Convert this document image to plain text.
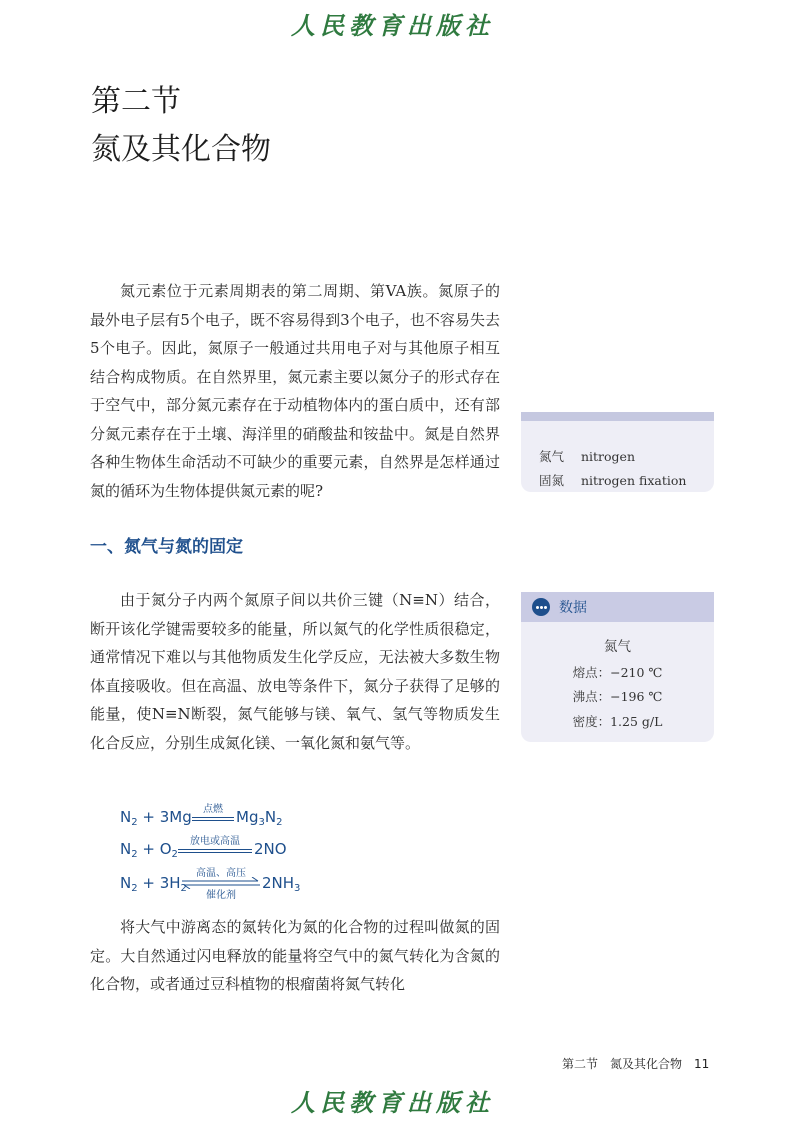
人民教育出版社
第二节
氮及其化合物
氮元素位于元素周期表的第二周期、第VA族。氮原子的最外电子层有5个电子，既不容易得到3个电子，也不容易失去5个电子。因此，氮原子一般通过共用电子对与其他原子相互结合构成物质。在自然界里，氮元素主要以氮分子的形式存在于空气中，部分氮元素存在于动植物体内的蛋白质中，还有部分氮元素存在于土壤、海洋里的硝酸盐和铵盐中。氮是自然界各种生物体生命活动不可缺少的重要元素，自然界是怎样通过氮的循环为生物体提供氮元素的呢?
氮气 nitrogen
固氮 nitrogen fixation
一、氮气与氮的固定
由于氮分子内两个氮原子间以共价三键（N≡N）结合，断开该化学键需要较多的能量，所以氮气的化学性质很稳定，通常情况下难以与其他物质发生化学反应，无法被大多数生物体直接吸收。但在高温、放电等条件下，氮分子获得了足够的能量，使N≡N断裂，氮气能够与镁、氧气、氢气等物质发生化合反应，分别生成氮化镁、一氧化氮和氨气等。
数据
氮气
熔点：−210 ℃
沸点：−196 ℃
密度：1.25 g/L
$N_2 + 3Mg$	点燃 $Mg_3N_2$
$N_2 + O_2$
放电或高温 2NO
$N_2 + 3H_2$
高温、高压
催化剂
$2NH_3$
将大气中游离态的氮转化为氮的化合物的过程叫做氮的固定。大自然通过闪电释放的能量将空气中的氮气转化为含氮的化合物，或者通过豆科植物的根瘤菌将氮气转化
第二节　氮及其化合物 11
人民教育出版社
